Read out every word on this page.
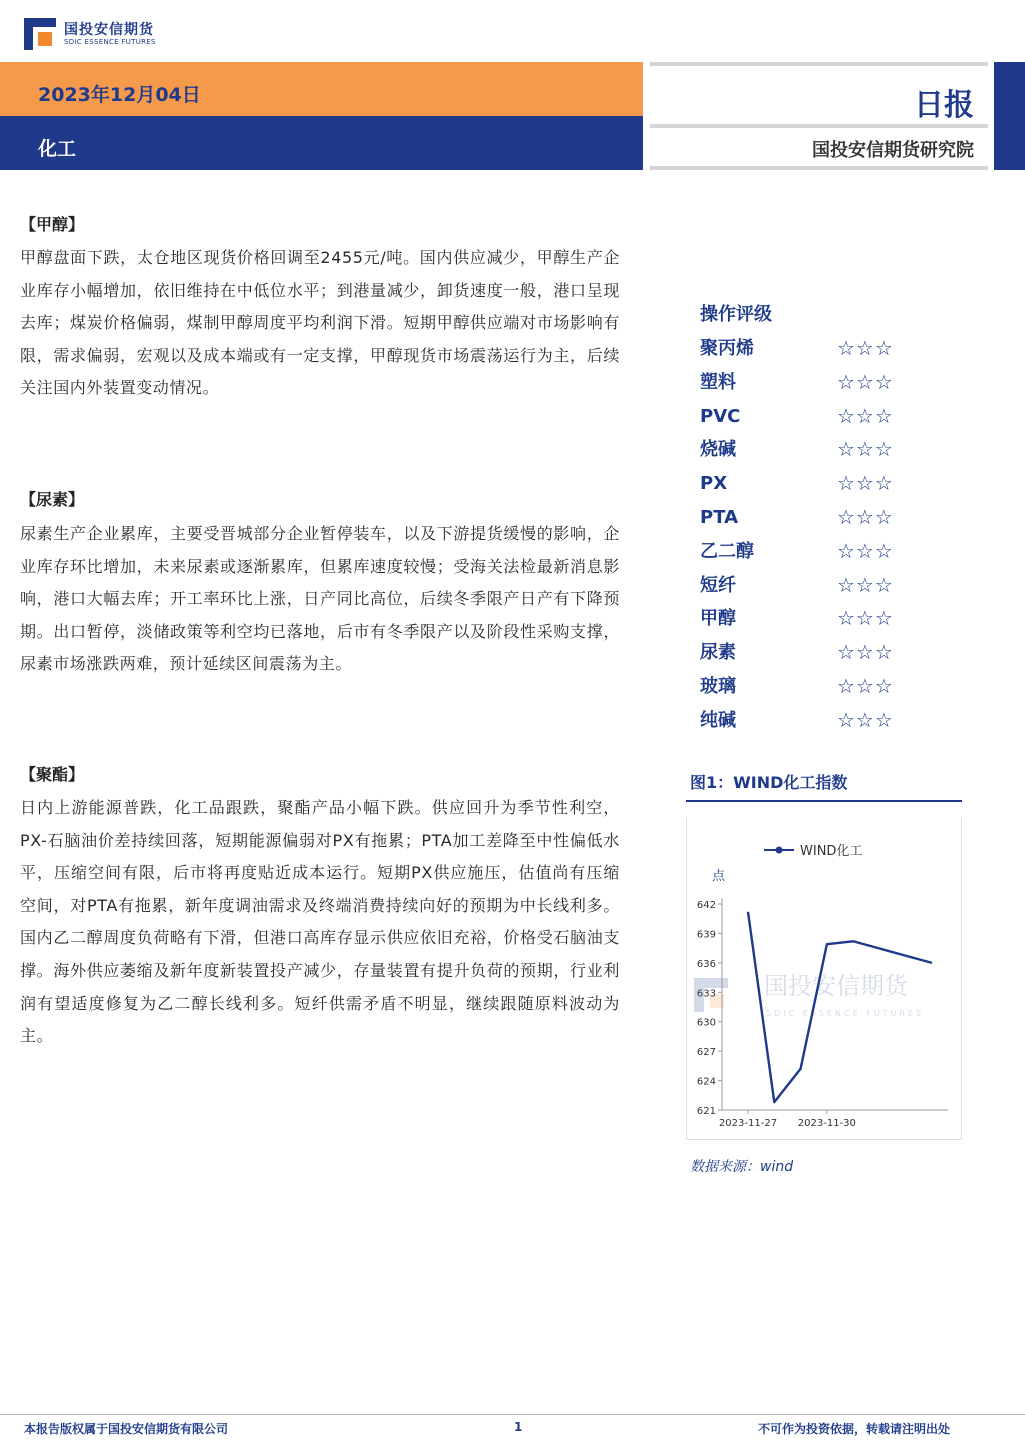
国投安信期货
SDIC ESSENCE FUTURES
2023年12月04日
化工
日报
国投安信期货研究院
【甲醇】
甲醇盘面下跌，太仓地区现货价格回调至2455元/吨。国内供应减少，甲醇生产企业库存小幅增加，依旧维持在中低位水平；到港量减少，卸货速度一般，港口呈现去库；煤炭价格偏弱，煤制甲醇周度平均利润下滑。短期甲醇供应端对市场影响有限，需求偏弱，宏观以及成本端或有一定支撑，甲醇现货市场震荡运行为主，后续关注国内外装置变动情况。
【尿素】
尿素生产企业累库，主要受晋城部分企业暂停装车，以及下游提货缓慢的影响，企业库存环比增加，未来尿素或逐渐累库，但累库速度较慢；受海关法检最新消息影响，港口大幅去库；开工率环比上涨，日产同比高位，后续冬季限产日产有下降预期。出口暂停，淡储政策等利空均已落地，后市有冬季限产以及阶段性采购支撑，尿素市场涨跌两难，预计延续区间震荡为主。
【聚酯】
日内上游能源普跌，化工品跟跌，聚酯产品小幅下跌。供应回升为季节性利空，PX-石脑油价差持续回落，短期能源偏弱对PX有拖累；PTA加工差降至中性偏低水平，压缩空间有限，后市将再度贴近成本运行。短期PX供应施压，估值尚有压缩空间，对PTA有拖累，新年度调油需求及终端消费持续向好的预期为中长线利多。国内乙二醇周度负荷略有下滑，但港口高库存显示供应依旧充裕，价格受石脑油支撑。海外供应萎缩及新年度新装置投产减少，存量装置有提升负荷的预期，行业利润有望适度修复为乙二醇长线利多。短纤供需矛盾不明显，继续跟随原料波动为主。
操作评级
聚丙烯	☆☆☆
塑料	☆☆☆
PVC	☆☆☆
烧碱	☆☆☆
PX	☆☆☆
PTA	☆☆☆
乙二醇	☆☆☆
短纤	☆☆☆
甲醇	☆☆☆
尿素	☆☆☆
玻璃	☆☆☆
纯碱	☆☆☆
图1：WIND化工指数
国投安信期货
SDIC ESSENCE FUTURES
WIND化工
点
621
624
627
630
633
636
639
642
2023-11-27 2023-11-30
数据来源：wind
本报告版权属于国投安信期货有限公司	1	不可作为投资依据，转载请注明出处
